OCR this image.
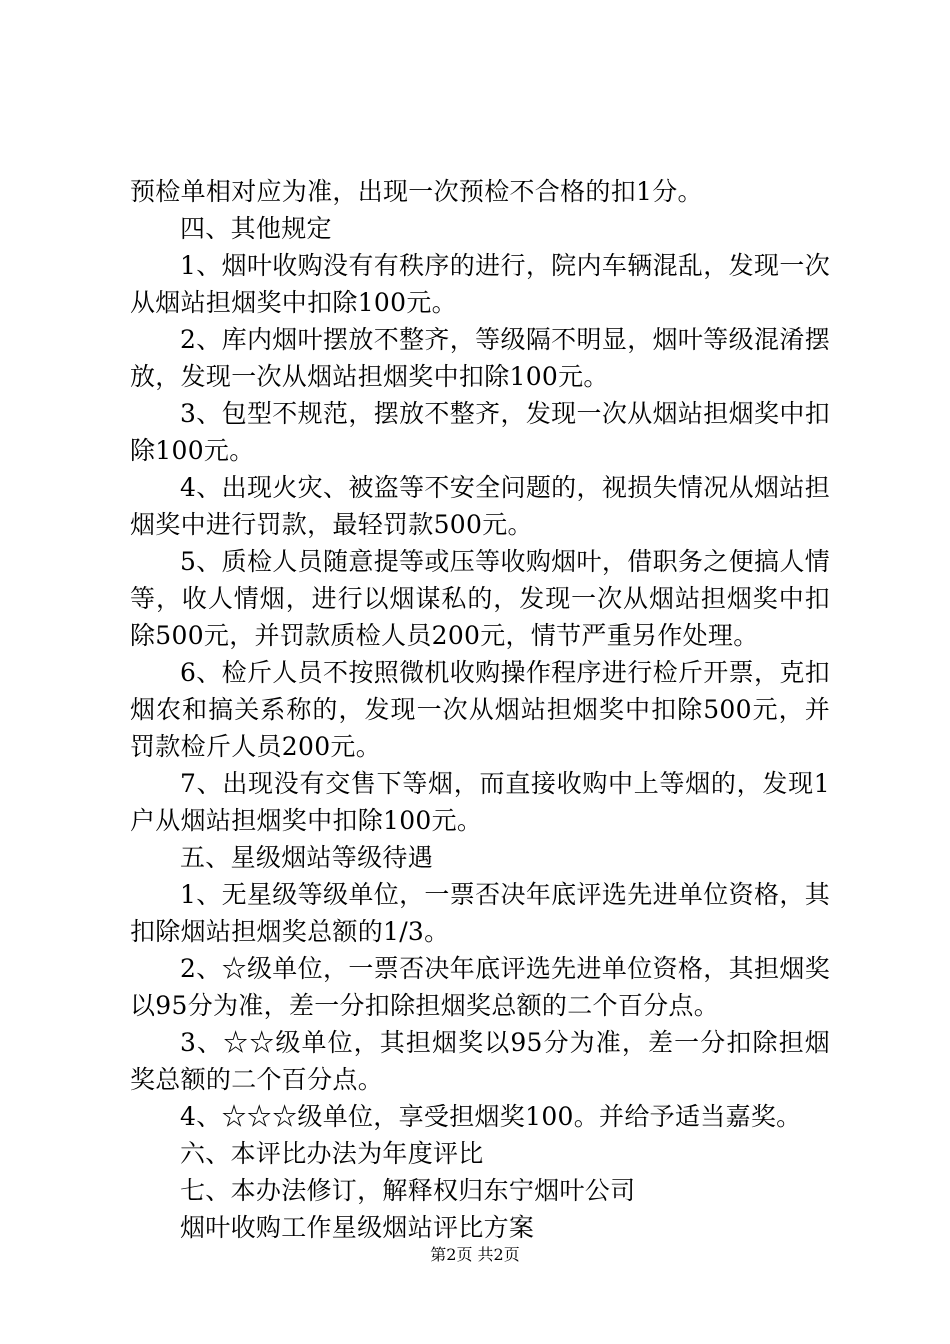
预检单相对应为准，出现一次预检不合格的扣1分。

四、其他规定

1、烟叶收购没有有秩序的进行，院内车辆混乱，发现一次从烟站担烟奖中扣除100元。

2、库内烟叶摆放不整齐，等级隔不明显，烟叶等级混淆摆放，发现一次从烟站担烟奖中扣除100元。

3、包型不规范，摆放不整齐，发现一次从烟站担烟奖中扣除100元。

4、出现火灾、被盗等不安全问题的，视损失情况从烟站担烟奖中进行罚款，最轻罚款500元。

5、质检人员随意提等或压等收购烟叶，借职务之便搞人情等，收人情烟，进行以烟谋私的，发现一次从烟站担烟奖中扣除500元，并罚款质检人员200元，情节严重另作处理。

6、检斤人员不按照微机收购操作程序进行检斤开票，克扣烟农和搞关系称的，发现一次从烟站担烟奖中扣除500元，并罚款检斤人员200元。

7、出现没有交售下等烟，而直接收购中上等烟的，发现1户从烟站担烟奖中扣除100元。

五、星级烟站等级待遇

1、无星级等级单位，一票否决年底评选先进单位资格，其扣除烟站担烟奖总额的1/3。

2、☆级单位，一票否决年底评选先进单位资格，其担烟奖以95分为准，差一分扣除担烟奖总额的二个百分点。

3、☆☆级单位，其担烟奖以95分为准，差一分扣除担烟奖总额的二个百分点。

4、☆☆☆级单位，享受担烟奖100。并给予适当嘉奖。

六、本评比办法为年度评比

七、本办法修订，解释权归东宁烟叶公司

烟叶收购工作星级烟站评比方案

第2页 共2页
